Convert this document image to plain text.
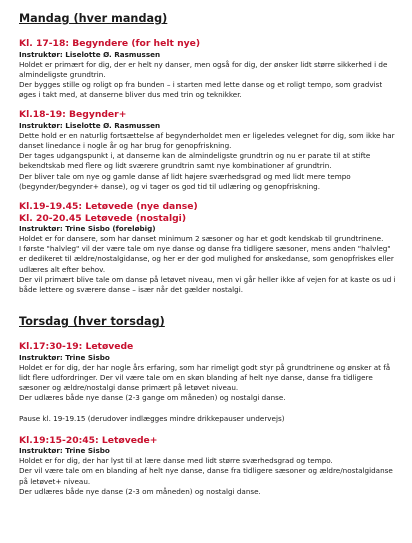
Mandag (hver mandag)

Kl. 17-18: Begyndere (for helt nye)

Instruktør: Liselotte Ø. Rasmussen

Holdet er primært for dig, der er helt ny danser, men også for dig, der ønsker lidt større sikkerhed i de

almindeligste grundtrin.

Der bygges stille og roligt op fra bunden – i starten med lette danse og et roligt tempo, som gradvist

øges i takt med, at danserne bliver dus med trin og teknikker.

Kl.18-19: Begynder+

Instruktør: Liselotte Ø. Rasmussen

Dette hold er en naturlig fortsættelse af begynderholdet men er ligeledes velegnet for dig, som ikke har

danset linedance i nogle år og har brug for genopfriskning.

Der tages udgangspunkt i, at danserne kan de almindeligste grundtrin og nu er parate til at stifte

bekendtskab med flere og lidt sværere grundtrin samt nye kombinationer af grundtrin.

Der bliver tale om nye og gamle danse af lidt højere sværhedsgrad og med lidt mere tempo

(begynder/begynder+ danse), og vi tager os god tid til udlæring og genopfriskning.

Kl.19-19.45: Letøvede (nye danse)

Kl. 20-20.45 Letøvede (nostalgi)

Instruktør: Trine Sisbo (foreløbig)

Holdet er for dansere, som har danset minimum 2 sæsoner og har et godt kendskab til grundtrinene.

I første "halvleg" vil der være tale om nye danse og danse fra tidligere sæsoner, mens anden "halvleg"

er dedikeret til ældre/nostalgidanse, og her er der god mulighed for ønskedanse, som genopfriskes eller

udlæres alt efter behov.

Der vil primært blive tale om danse på letøvet niveau, men vi går heller ikke af vejen for at kaste os ud i

både lettere og sværere danse – især når det gælder nostalgi.

Torsdag (hver torsdag)

Kl.17:30-19: Letøvede

Instruktør: Trine Sisbo

Holdet er for dig, der har nogle års erfaring, som har rimeligt godt styr på grundtrinene og ønsker at få

lidt flere udfordringer. Der vil være tale om en skøn blanding af helt nye danse, danse fra tidligere

sæsoner og ældre/nostalgi danse primært på letøvet niveau.

Der udlæres både nye danse (2-3 gange om måneden) og nostalgi danse.

Pause kl. 19-19.15 (derudover indlægges mindre drikkepauser undervejs)

Kl.19:15-20:45: Letøvede+

Instruktør: Trine Sisbo

Holdet er for dig, der har lyst til at lære danse med lidt større sværhedsgrad og tempo.

Der vil være tale om en blanding af helt nye danse, danse fra tidligere sæsoner og ældre/nostalgidanse

på letøvet+ niveau.

Der udlæres både nye danse (2-3 om måneden) og nostalgi danse.
